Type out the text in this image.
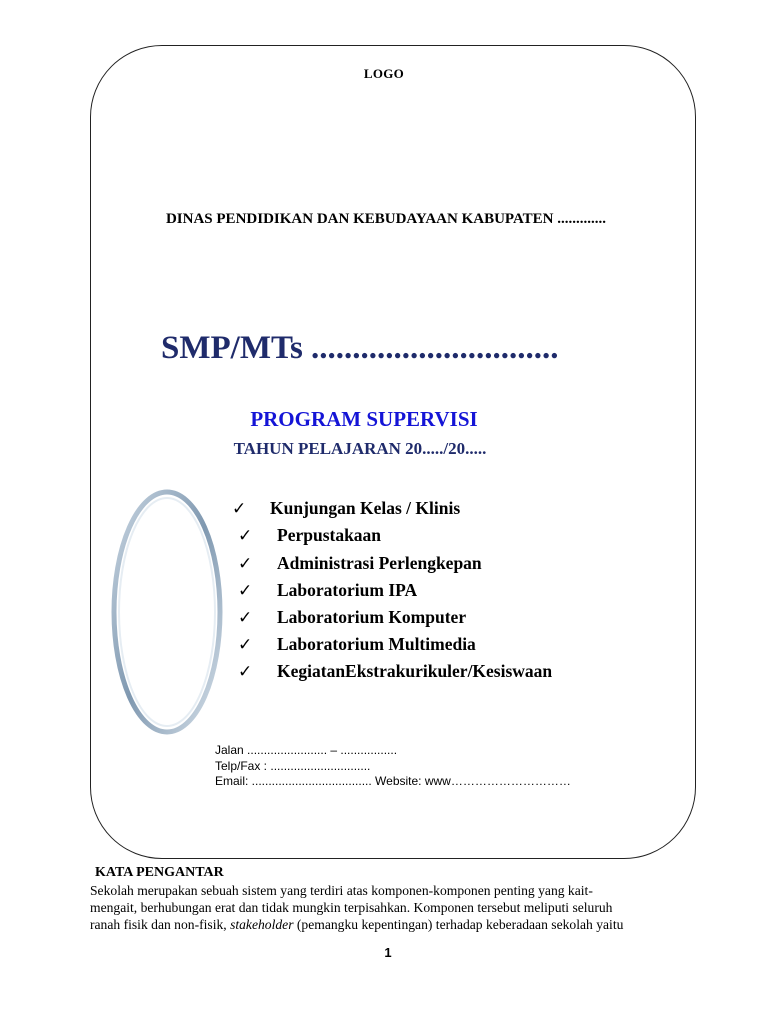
LOGO
DINAS PENDIDIKAN DAN KEBUDAYAAN KABUPATEN .............
SMP/MTs ..............................
PROGRAM SUPERVISI
TAHUN PELAJARAN 20...../20.....
✓ Kunjungan Kelas / Klinis
✓ Perpustakaan
✓ Administrasi Perlengkepan
✓ Laboratorium IPA
✓ Laboratorium Komputer
✓ Laboratorium Multimedia
✓ KegiatanEkstrakurikuler/Kesiswaan
Jalan ........................ – .................
Telp/Fax : ..............................
Email: .................................... Website: www…………………………
KATA PENGANTAR
Sekolah merupakan sebuah sistem yang terdiri atas komponen-komponen penting yang kait-
mengait, berhubungan erat dan tidak mungkin terpisahkan. Komponen tersebut meliputi seluruh
ranah fisik dan non-fisik, stakeholder (pemangku kepentingan) terhadap keberadaan sekolah yaitu
1
